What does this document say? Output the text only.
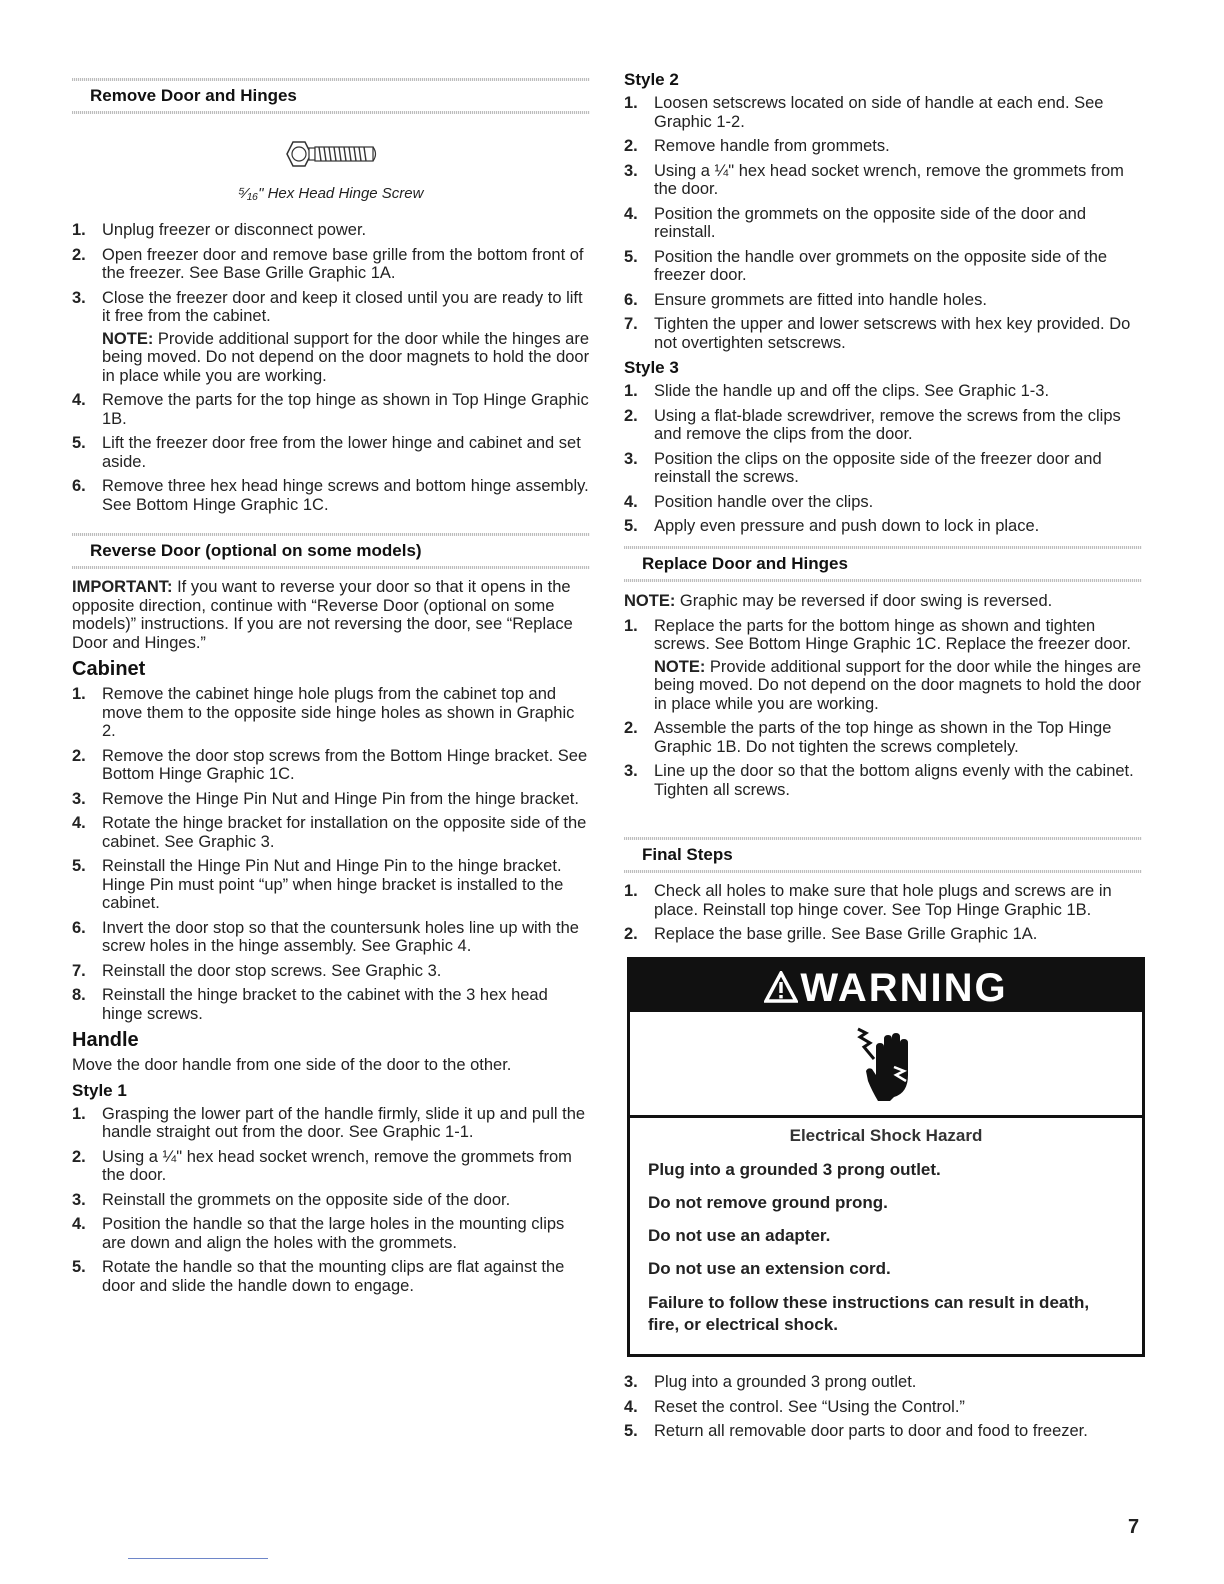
Remove Door and Hinges
⁵⁄₁₆" Hex Head Hinge Screw
1. Unplug freezer or disconnect power.
2. Open freezer door and remove base grille from the bottom front of the freezer. See Base Grille Graphic 1A.
3. Close the freezer door and keep it closed until you are ready to lift it free from the cabinet.

NOTE: Provide additional support for the door while the hinges are being moved. Do not depend on the door magnets to hold the door in place while you are working.

4. Remove the parts for the top hinge as shown in Top Hinge Graphic 1B.
5. Lift the freezer door free from the lower hinge and cabinet and set aside.
6. Remove three hex head hinge screws and bottom hinge assembly. See Bottom Hinge Graphic 1C.
Reverse Door (optional on some models)

IMPORTANT: If you want to reverse your door so that it opens in the opposite direction, continue with “Reverse Door (optional on some models)” instructions. If you are not reversing the door, see “Replace Door and Hinges.”

Cabinet
1. Remove the cabinet hinge hole plugs from the cabinet top and move them to the opposite side hinge holes as shown in Graphic 2.
2. Remove the door stop screws from the Bottom Hinge bracket. See Bottom Hinge Graphic 1C.
3. Remove the Hinge Pin Nut and Hinge Pin from the hinge bracket.
4. Rotate the hinge bracket for installation on the opposite side of the cabinet. See Graphic 3.
5. Reinstall the Hinge Pin Nut and Hinge Pin to the hinge bracket. Hinge Pin must point “up” when hinge bracket is installed to the cabinet.
6. Invert the door stop so that the countersunk holes line up with the screw holes in the hinge assembly. See Graphic 4.
7. Reinstall the door stop screws. See Graphic 3.
8. Reinstall the hinge bracket to the cabinet with the 3 hex head hinge screws.
Handle

Move the door handle from one side of the door to the other.

Style 1
1. Grasping the lower part of the handle firmly, slide it up and pull the handle straight out from the door. See Graphic 1-1.
2. Using a ¼" hex head socket wrench, remove the grommets from the door.
3. Reinstall the grommets on the opposite side of the door.
4. Position the handle so that the large holes in the mounting clips are down and align the holes with the grommets.
5. Rotate the handle so that the mounting clips are flat against the door and slide the handle down to engage.
Style 2
1. Loosen setscrews located on side of handle at each end. See Graphic 1-2.
2. Remove handle from grommets.
3. Using a ¼" hex head socket wrench, remove the grommets from the door.
4. Position the grommets on the opposite side of the door and reinstall.
5. Position the handle over grommets on the opposite side of the freezer door.
6. Ensure grommets are fitted into handle holes.
7. Tighten the upper and lower setscrews with hex key provided. Do not overtighten setscrews.
Style 3
1. Slide the handle up and off the clips. See Graphic 1-3.
2. Using a flat-blade screwdriver, remove the screws from the clips and remove the clips from the door.
3. Position the clips on the opposite side of the freezer door and reinstall the screws.
4. Position handle over the clips.
5. Apply even pressure and push down to lock in place.
Replace Door and Hinges

NOTE: Graphic may be reversed if door swing is reversed.

1. Replace the parts for the bottom hinge as shown and tighten screws. See Bottom Hinge Graphic 1C. Replace the freezer door.

NOTE: Provide additional support for the door while the hinges are being moved. Do not depend on the door magnets to hold the door in place while you are working.

2. Assemble the parts of the top hinge as shown in the Top Hinge Graphic 1B. Do not tighten the screws completely.
3. Line up the door so that the bottom aligns evenly with the cabinet. Tighten all screws.
Final Steps
1. Check all holes to make sure that hole plugs and screws are in place. Reinstall top hinge cover. See Top Hinge Graphic 1B.
2. Replace the base grille. See Base Grille Graphic 1A.
3. Plug into a grounded 3 prong outlet.
4. Reset the control. See “Using the Control.”
5. Return all removable door parts to door and food to freezer.
WARNING
Electrical Shock Hazard
Plug into a grounded 3 prong outlet.
Do not remove ground prong.
Do not use an adapter.
Do not use an extension cord.
Failure to follow these instructions can result in death, fire, or electrical shock.
7
